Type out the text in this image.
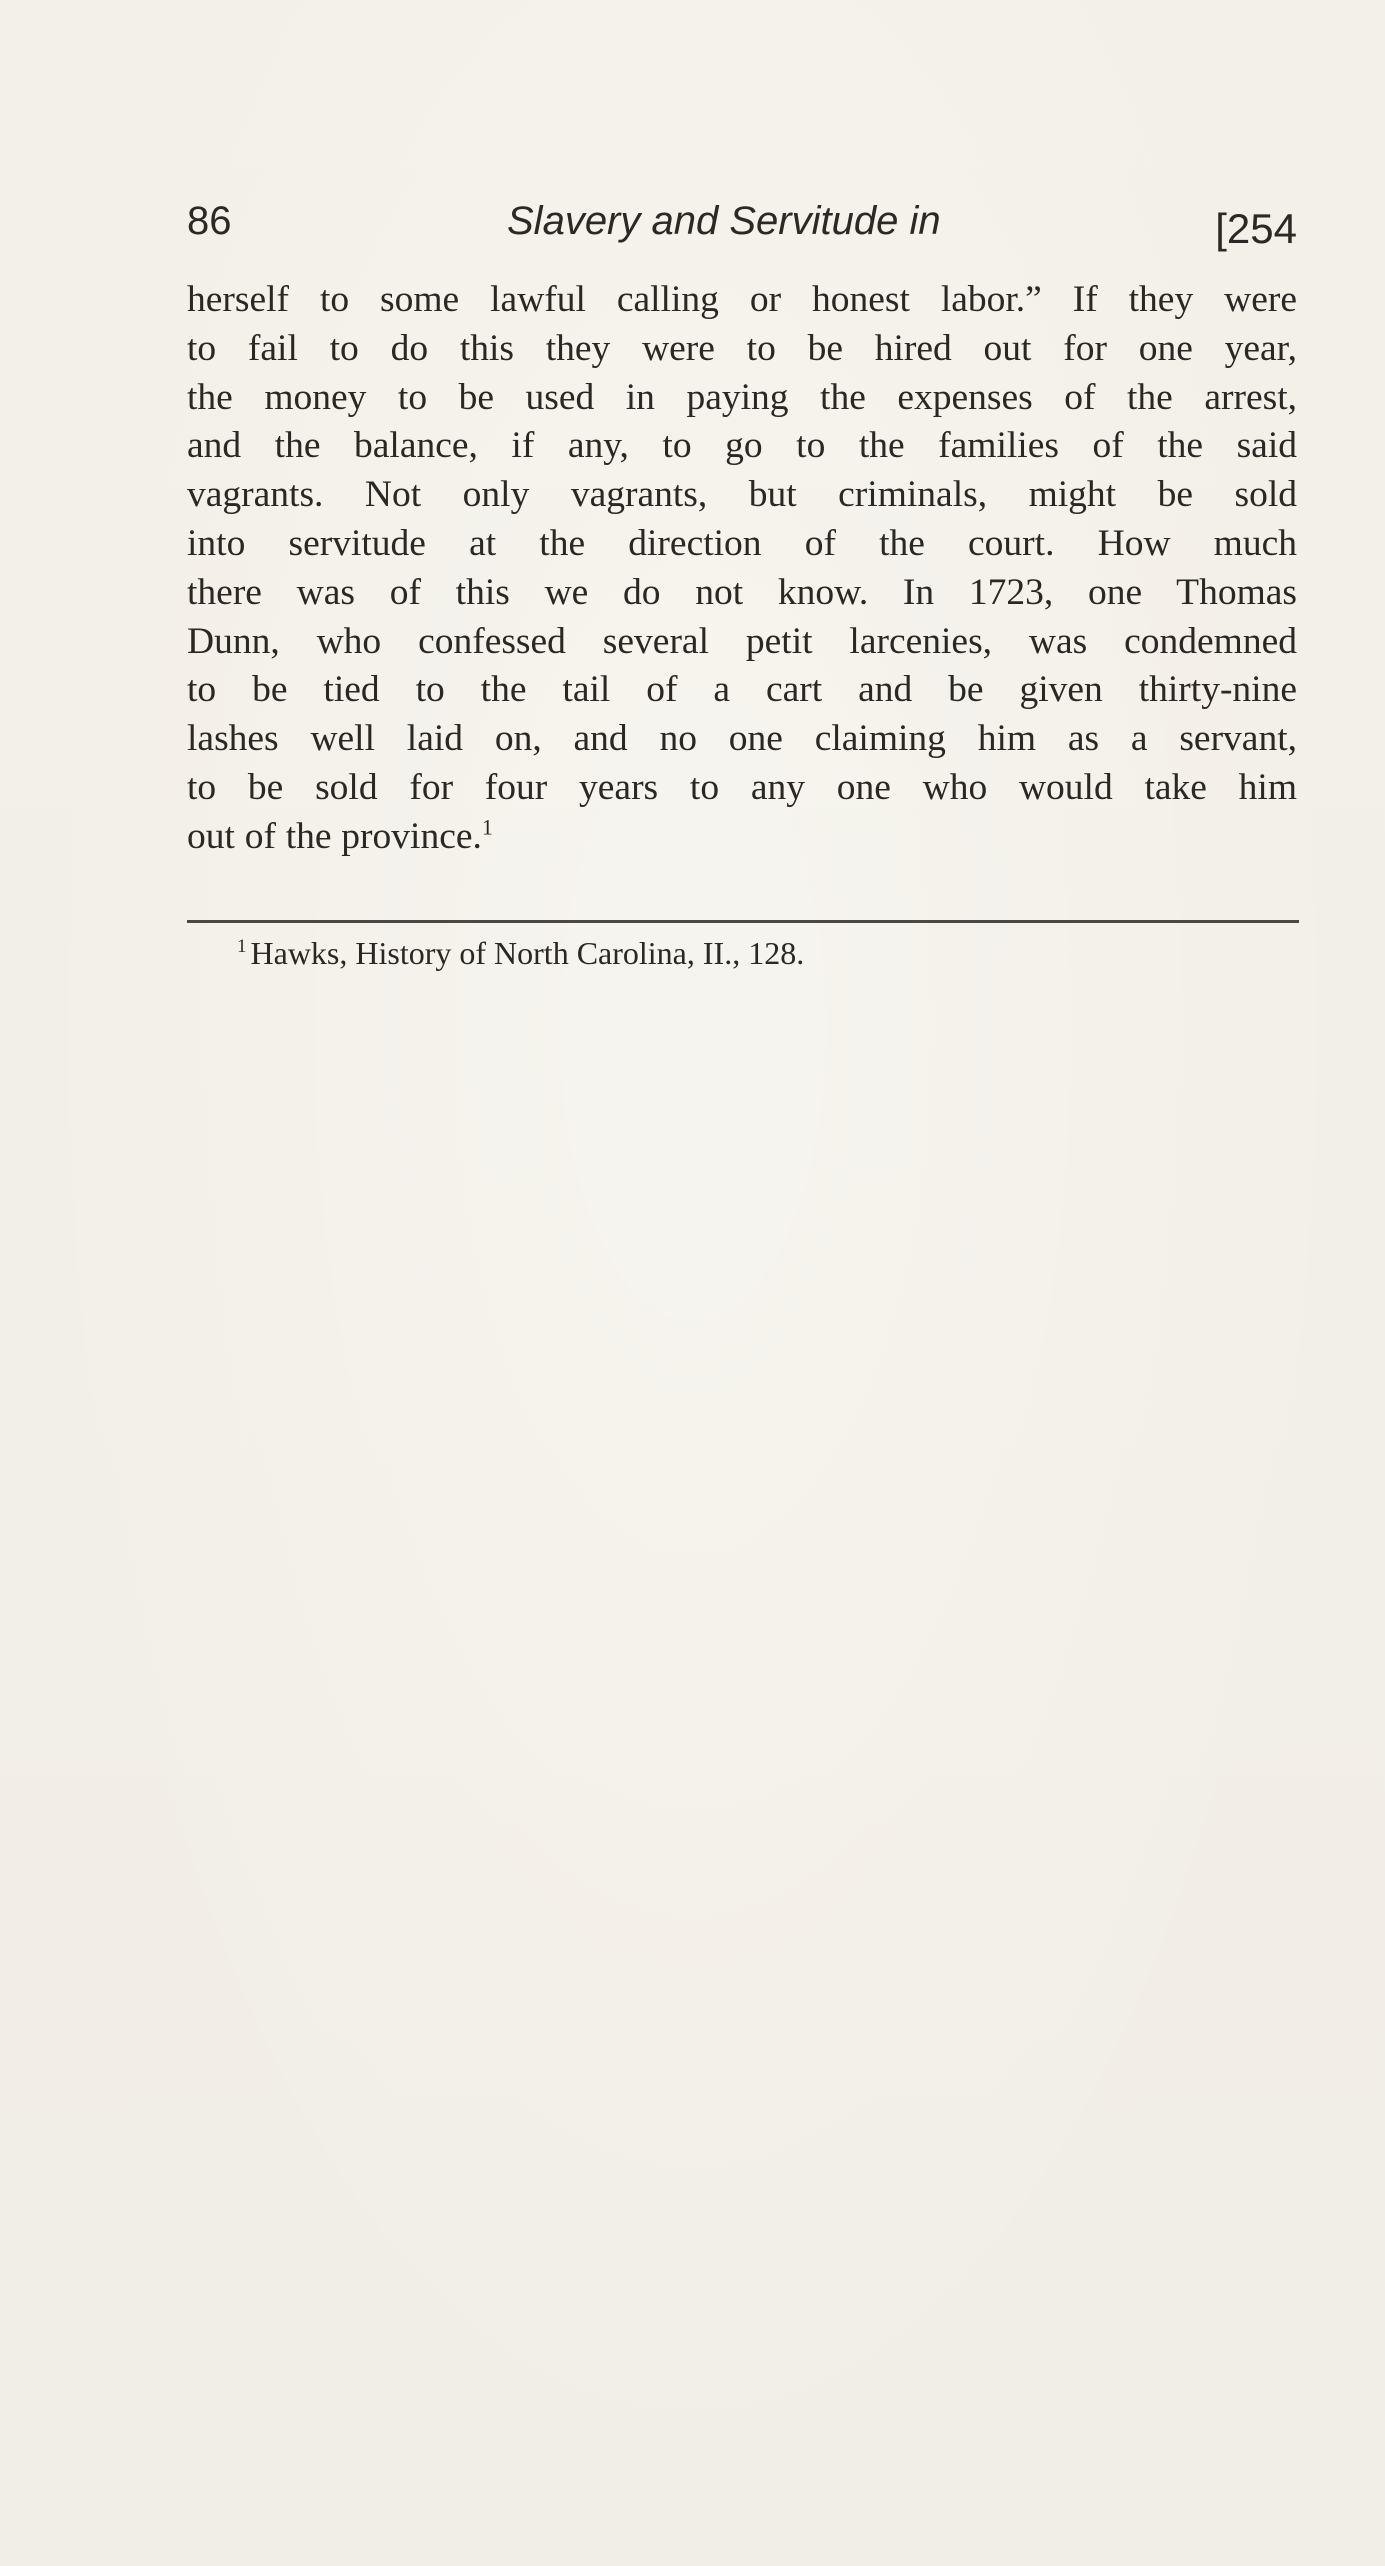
86	Slavery and Servitude in	[254

herself to some lawful calling or honest labor.” If they were
to fail to do this they were to be hired out for one year,
the money to be used in paying the expenses of the arrest,
and the balance, if any, to go to the families of the said
vagrants. Not only vagrants, but criminals, might be sold
into servitude at the direction of the court. How much
there was of this we do not know. In 1723, one Thomas
Dunn, who confessed several petit larcenies, was condemned
to be tied to the tail of a cart and be given thirty-nine
lashes well laid on, and no one claiming him as a servant,
to be sold for four years to any one who would take him
out of the province.$^1$

$^1$ Hawks, History of North Carolina, II., 128.
